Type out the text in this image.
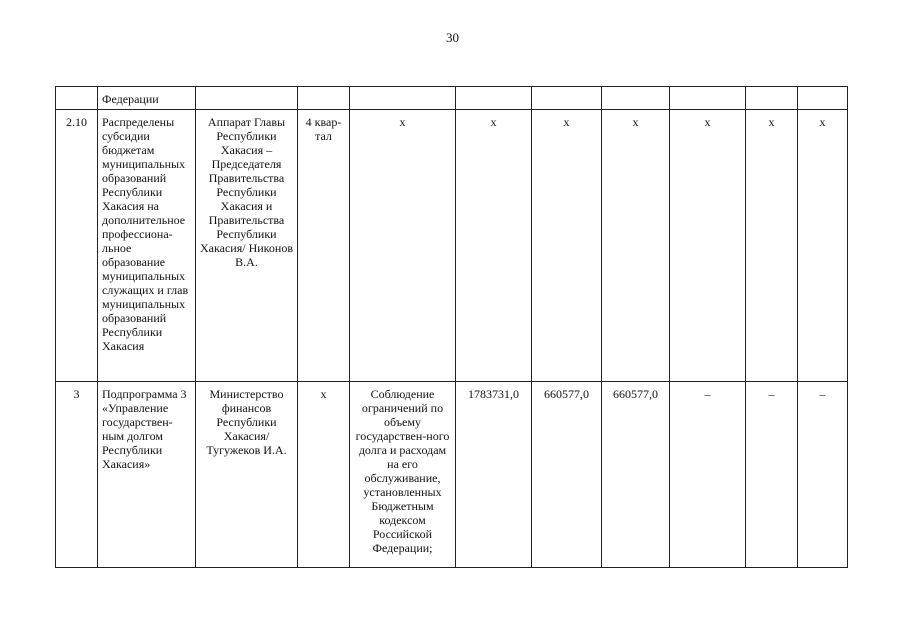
30
	Федерации									
2.10	Распределены субсидии бюджетам муниципальных образований Республики Хакасия на дополнительное профессиона-льное образование муниципальных служащих и глав муниципальных образований Республики Хакасия	Аппарат Главы Республики Хакасия – Председателя Правительства Республики Хакасия и Правительства Республики Хакасия/ Никонов В.А.	4 квар-тал	х	х	х	х	х	х	х
3	Подпрограмма 3 «Управление государствен-ным долгом Республики Хакасия»	Министерство финансов Республики Хакасия/ Тугужеков И.А.	х	Соблюдение ограничений по объему государствен-ного долга и расходам на его обслуживание, установленных Бюджетным кодексом Российской Федерации;	1783731,0	660577,0	660577,0	–	–	–
